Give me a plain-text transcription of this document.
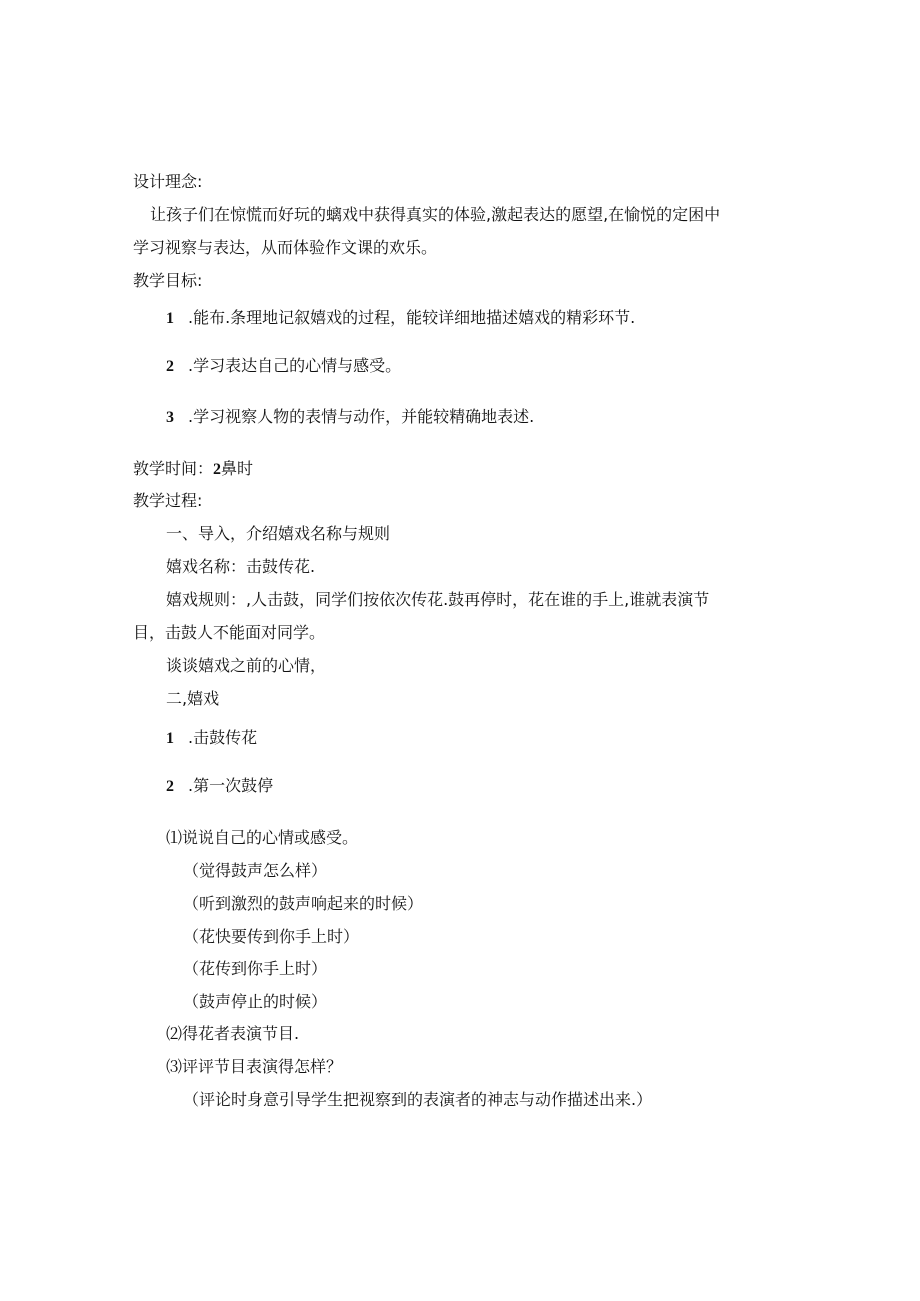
设计理念:
让孩子们在惊慌而好玩的螭戏中获得真实的体验,激起表达的愿望,在愉悦的定困中
学习视察与表达，从而体验作文课的欢乐。
教学目标:
1 .能布.条理地记叙嬉戏的过程，能较详细地描述嬉戏的精彩环节.
2 .学习表达自己的心情与感受。
3 .学习视察人物的表情与动作，并能较精确地表述.
敦学时间：2鼻时
教学过程:
一、导入，介绍嬉戏名称与规则
嬉戏名称：击鼓传花.
嬉戏规则：,人击鼓，同学们按依次传花.鼓再停时，花在谁的手上,谁就表演节
目，击鼓人不能面对同学。
谈谈嬉戏之前的心情，
二,嬉戏
1 .击鼓传花
2 .第一次鼓停
⑴说说自己的心情或感受。
（觉得鼓声怎么样）
（听到激烈的鼓声响起来的时候）
（花快要传到你手上时）
（花传到你手上时）
（鼓声停止的时候）
⑵得花者表演节目.
⑶评评节目表演得怎样？
（评论时身意引导学生把视察到的表演者的神志与动作描述出来.）
